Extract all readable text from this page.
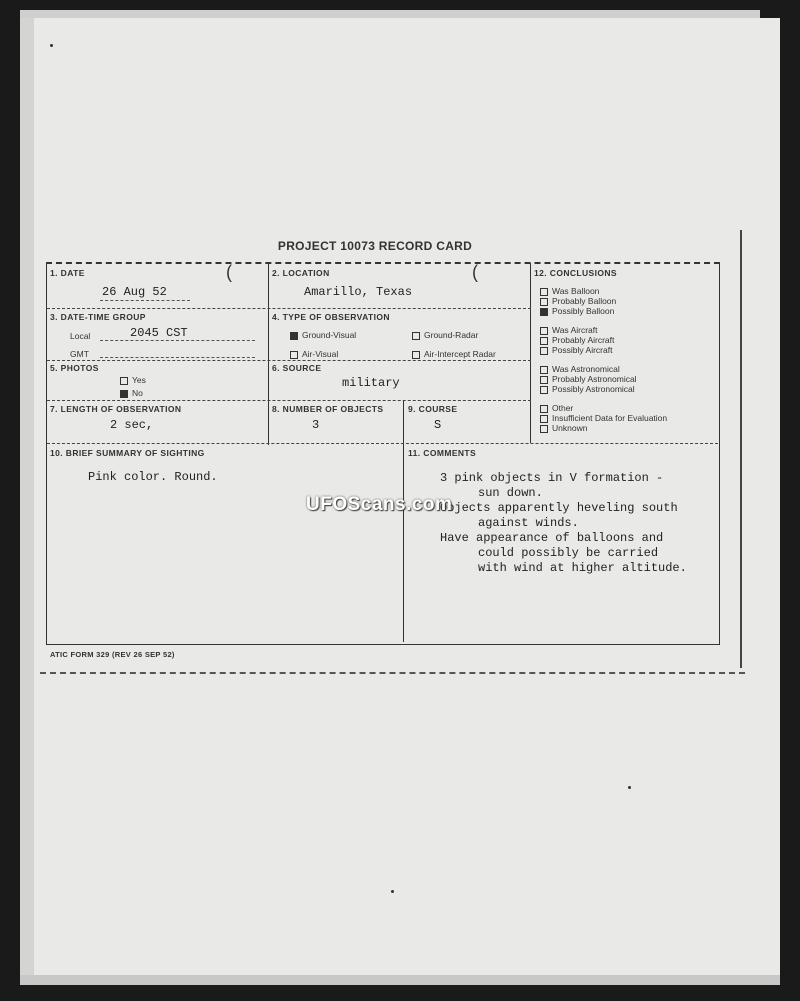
PROJECT 10073 RECORD CARD
1. DATE
26 Aug 52
(	2. LOCATION
Amarillo, Texas
(
3. DATE-TIME GROUP
Local	2045 CST
GMT
4. TYPE OF OBSERVATION
Ground-Visual	Ground-Radar
Air-Visual	Air-Intercept Radar
5. PHOTOS
Yes
No
6. SOURCE
military
7. LENGTH OF OBSERVATION
2 sec,
8. NUMBER OF OBJECTS
3
9. COURSE
S
10. BRIEF SUMMARY OF SIGHTING
Pink color. Round.
11. COMMENTS
3 pink objects in V formation -
sun down.
Objects apparently heveling south
against winds.
Have appearance of balloons and
could possibly be carried
with wind at higher altitude.
12. CONCLUSIONS
Was Balloon
Probably Balloon
Possibly Balloon
Was Aircraft
Probably Aircraft
Possibly Aircraft
Was Astronomical
Probably Astronomical
Possibly Astronomical
Other
Insufficient Data for Evaluation
Unknown
UFOScans.com
ATIC FORM 329 (REV 26 SEP 52)
